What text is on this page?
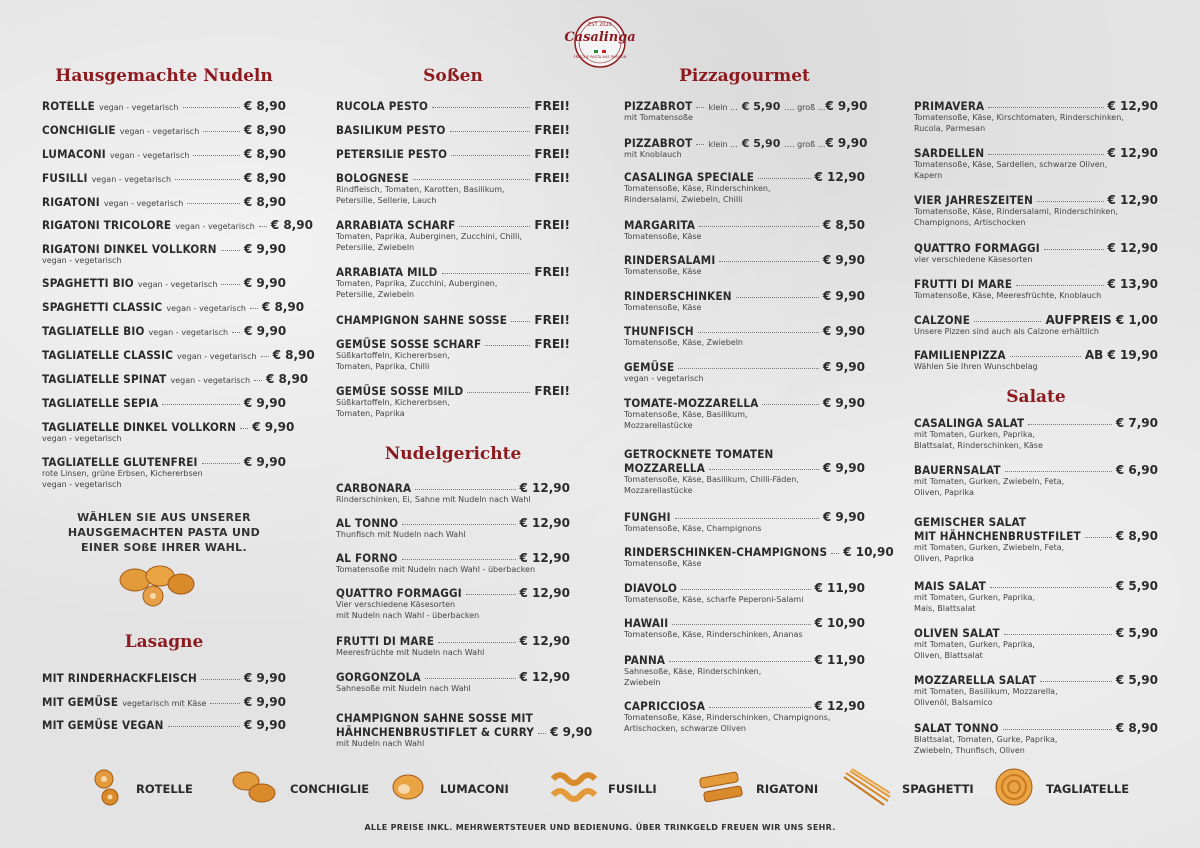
EST 2020
Casalinga
FRISCHE PASTA AUS PASSION
Hausgemachte Nudeln
ROTELLE vegan - vegetarisch	€ 8,90
CONCHIGLIE vegan - vegetarisch	€ 8,90
LUMACONI vegan - vegetarisch	€ 8,90
FUSILLI vegan - vegetarisch	€ 8,90
RIGATONI vegan - vegetarisch	€ 8,90
RIGATONI TRICOLORE vegan - vegetarisch € 8,90
RIGATONI DINKEL VOLLKORN € 9,90
vegan - vegetarisch
SPAGHETTI BIO vegan - vegetarisch € 9,90
SPAGHETTI CLASSIC vegan - vegetarisch € 8,90
TAGLIATELLE BIO vegan - vegetarisch € 9,90
TAGLIATELLE CLASSIC vegan - vegetarisch € 8,90
TAGLIATELLE SPINAT vegan - vegetarisch € 8,90
TAGLIATELLE SEPIA	€ 9,90
TAGLIATELLE DINKEL VOLLKORN € 9,90
vegan - vegetarisch
TAGLIATELLE GLUTENFREI	€ 9,90
rote Linsen, grüne Erbsen, Kichererbsen
vegan - vegetarisch
WÄHLEN SIE AUS UNSERER
HAUSGEMACHTEN PASTA UND
EINER SOßE IHRER WAHL.
Lasagne
MIT RINDERHACKFLEISCH	€ 9,90
MIT GEMÜSE vegetarisch mit Käse	€ 9,90
MIT GEMÜSE VEGAN	€ 9,90
Soßen
RUCOLA PESTO	FREI!
BASILIKUM PESTO	FREI!
PETERSILIE PESTO	FREI!
BOLOGNESE	FREI!
Rindfleisch, Tomaten, Karotten, Basilikum,
Petersilie, Sellerie, Lauch
ARRABIATA SCHARF	FREI!
Tomaten, Paprika, Auberginen, Zucchini, Chilli,
Petersilie, Zwiebeln
ARRABIATA MILD	FREI!
Tomaten, Paprika, Zucchini, Auberginen,
Petersilie, Zwiebeln
CHAMPIGNON SAHNE SOSSE FREI!
GEMÜSE SOSSE SCHARF	FREI!
Süßkartoffeln, Kichererbsen,
Tomaten, Paprika, Chilli
GEMÜSE SOSSE MILD	FREI!
Süßkartoffeln, Kichererbsen,
Tomaten, Paprika
Nudelgerichte
CARBONARA	€ 12,90
Rinderschinken, Ei, Sahne mit Nudeln nach Wahl
AL TONNO	€ 12,90
Thunfisch mit Nudeln nach Wahl
AL FORNO	€ 12,90
Tomatensoße mit Nudeln nach Wahl - überbacken
QUATTRO FORMAGGI	€ 12,90
Vier verschiedene Käsesorten
mit Nudeln nach Wahl - überbacken
FRUTTI DI MARE	€ 12,90
Meeresfrüchte mit Nudeln nach Wahl
GORGONZOLA	€ 12,90
Sahnesoße mit Nudeln nach Wahl
CHAMPIGNON SAHNE SOSSE MIT
HÄHNCHENBRUSTIFLET & CURRY € 9,90
mit Nudeln nach Wahl
Pizzagourmet
PIZZABROT klein ... € 5,90 .... groß ... € 9,90
mit Tomatensoße
PIZZABROT klein ... € 5,90 .... groß ... € 9,90
mit Knoblauch
CASALINGA SPECIALE	€ 12,90
Tomatensoße, Käse, Rinderschinken,
Rindersalami, Zwiebeln, Chilli
MARGARITA	€ 8,50
Tomatensoße, Käse
RINDERSALAMI	€ 9,90
Tomatensoße, Käse
RINDERSCHINKEN	€ 9,90
Tomatensoße, Käse
THUNFISCH	€ 9,90
Tomatensoße, Käse, Zwiebeln
GEMÜSE	€ 9,90
vegan - vegetarisch
TOMATE-MOZZARELLA	€ 9,90
Tomatensoße, Käse, Basilikum,
Mozzarellastücke
GETROCKNETE TOMATEN
MOZZARELLA	€ 9,90
Tomatensoße, Käse, Basilikum, Chilli-Fäden,
Mozzarellastücke
FUNGHI	€ 9,90
Tomatensoße, Käse, Champignons
RINDERSCHINKEN-CHAMPIGNONS € 10,90
Tomatensoße, Käse
DIAVOLO	€ 11,90
Tomatensoße, Käse, scharfe Peperoni-Salami
HAWAII	€ 10,90
Tomatensoße, Käse, Rinderschinken, Ananas
PANNA	€ 11,90
Sahnesoße, Käse, Rinderschinken,
Zwiebeln
CAPRICCIOSA	€ 12,90
Tomatensoße, Käse, Rinderschinken, Champignons,
Artischocken, schwarze Oliven
PRIMAVERA	€ 12,90
Tomatensoße, Käse, Kirschtomaten, Rinderschinken,
Rucola, Parmesan
SARDELLEN	€ 12,90
Tomatensoße, Käse, Sardellen, schwarze Oliven,
Kapern
VIER JAHRESZEITEN	€ 12,90
Tomatensoße, Käse, Rindersalami, Rinderschinken,
Champignons, Artischocken
QUATTRO FORMAGGI	€ 12,90
vier verschiedene Käsesorten
FRUTTI DI MARE	€ 13,90
Tomatensoße, Käse, Meeresfrüchte, Knoblauch
CALZONE	AUFPREIS € 1,00
Unsere Pizzen sind auch als Calzone erhältlich
FAMILIENPIZZA	AB € 19,90
Wählen Sie Ihren Wunschbelag
Salate
CASALINGA SALAT	€ 7,90
mit Tomaten, Gurken, Paprika,
Blattsalat, Rinderschinken, Käse
BAUERNSALAT	€ 6,90
mit Tomaten, Gurken, Zwiebeln, Feta,
Oliven, Paprika
GEMISCHER SALAT
MIT HÄHNCHENBRUSTFILET	€ 8,90
mit Tomaten, Gurken, Zwiebeln, Feta,
Oliven, Paprika
MAIS SALAT	€ 5,90
mit Tomaten, Gurken, Paprika,
Mais, Blattsalat
OLIVEN SALAT	€ 5,90
mit Tomaten, Gurken, Paprika,
Oliven, Blattsalat
MOZZARELLA SALAT	€ 5,90
mit Tomaten, Basilikum, Mozzarella,
Olivenöl, Balsamico
SALAT TONNO	€ 8,90
Blattsalat, Tomaten, Gurke, Paprika,
Zwiebeln, Thunfisch, Oliven
ROTELLE	CONCHIGLIE	LUMACONI	FUSILLI	RIGATONI	SPAGHETTI	TAGLIATELLE
ALLE PREISE INKL. MEHRWERTSTEUER UND BEDIENUNG. ÜBER TRINKGELD FREUEN WIR UNS SEHR.
